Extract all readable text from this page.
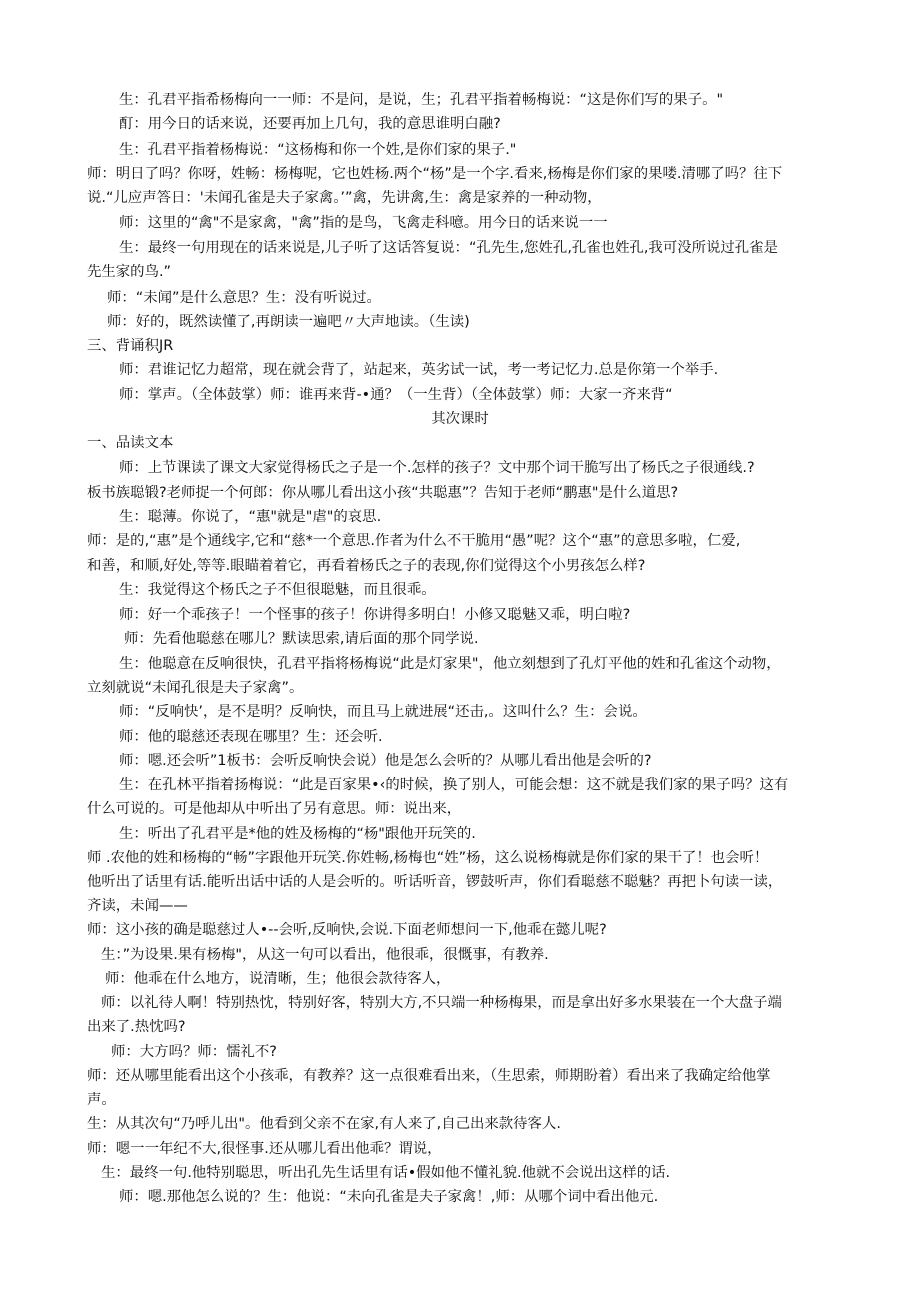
生：孔君平指希杨梅向一一师：不是问，是说，生；孔君平指着畅梅说：“这是你们写的果子。"

酊：用今日的话来说，还要再加上几句，我的意思谁明白融?

生：孔君平指着杨梅说：“这杨梅和你一个姓,是你们家的果子."

师：明日了吗？你呀，姓畅：杨梅呢，它也姓杨.两个“杨”是一个字.看来,杨梅是你们家的果喽.清哪了吗？往下

说.“儿应声答日：'未闻孔雀是夫子家禽。’”禽，先讲禽,生：禽是家养的一种动物，

师：这里的“禽"不是家禽，"禽”指的是鸟，飞禽走科噫。用今日的话来说一一

生：最终一句用现在的话来说是,儿子听了这话答复说：“孔先生,您姓孔,孔雀也姓孔,我可没所说过孔雀是

先生家的鸟.”

师：“未闻”是什么意思？生：没有听说过。

师：好的，既然读懂了,再朗读一遍吧〃大声地读。（生读)

三、背诵积JR

师：君谁记忆力超常，现在就会背了，站起来，英劣试一试，考一考记忆力.总是你第一个举手.

师：掌声。（全体鼓掌）师：谁再来背-•通？（一生背）（全体鼓掌）师：大家一齐来背“

其次课时

一、品读文本

师：上节课读了课文大家觉得杨氏之子是一个.怎样的孩子？文中那个词干脆写出了杨氏之子很通线.?

板书族聪锻?老师捉一个何郎：你从哪儿看出这小孩“共聪惠”？告知于老师“鹏惠"是什么道思?

生：聪薄。你说了，“惠"就是"虐"的哀思.

师：是的,“惠”是个通线字,它和“慈*一个意思.作者为什么不干脆用“愚”呢？这个“惠”的意思多啦，仁爱,

和善，和顺,好处,等等.眼瞄着着它，再看着杨氏之子的表现,你们觉得这个小男孩怎么样?

生：我觉得这个杨氏之子不但很聪魅，而且很乖。

师：好一个乖孩子！一个怪事的孩子！你讲得多明白！小修又聪魅又乖，明白啦?

师：先看他聪慈在哪儿？默读思索,请后面的那个同学说.

生：他聪意在反响很快，孔君平指将杨梅说“此是灯家果"，他立刻想到了孔灯平他的姓和孔雀这个动物，

立刻就说“未闻孔很是夫子家禽”。

师：“反响快’，是不是明？反响快，而且马上就进展“还击,。这叫什么？生：会说。

师：他的聪慈还表现在哪里？生：还会听.

师：嗯.还会听”1板书：会听反响快会说）他是怎么会听的？从哪儿看出他是会听的?

生：在孔林平指着扬梅说：“此是百家果•‹的时候，换了别人，可能会想：这不就是我们家的果子吗？这有

什么可说的。可是他却从中听出了另有意思。师：说出来，

生：听出了孔君平是*他的姓及杨梅的“杨"跟他开玩笑的.

师 .农他的姓和杨梅的“畅”字跟他开玩笑.你姓畅,杨梅也“姓”杨，这么说杨梅就是你们家的果干了！也会听！

他听出了话里有话.能听出话中话的人是会听的。听话听音，锣鼓听声，你们看聪慈不聪魅？再把卜句读一读，

齐读，未闻——

师：这小孩的确是聪慈过人•--会听,反响快,会说.下面老师想问一下,他乖在懿儿呢?

生：”为设果.果有杨梅"，从这一句可以看出，他很乖，很慨事，有教养.

师：他乖在什么地方，说清晰，生；他很会款待客人，

师：以礼待人啊！特别热忱，特别好客，特别大方,不只端一种杨梅果，而是拿出好多水果装在一个大盘子端

出来了.热忱吗?

师：大方吗？师：懦礼不?

师：还从哪里能看出这个小孩乖，有教养？这一点很难看出来，（生思索，师期盼着）看出来了我确定给他掌

声。

生：从其次句“乃呼儿出"。他看到父亲不在家,有人来了,自己出来款待客人.

师：嗯一一年纪不大,很怪事.还从哪儿看出他乖？谓说，

生：最终一句.他特别聪思，听出孔先生话里有话•假如他不懂礼貌.他就不会说出这样的话.

师：嗯.那他怎么说的？生：他说：“未向孔雀是夫子家禽！,师：从哪个词中看出他元.
